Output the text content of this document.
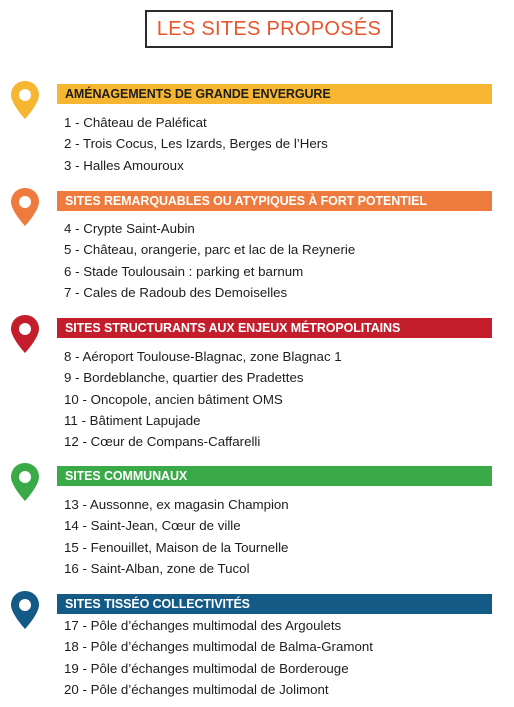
LES SITES PROPOSÉS
AMÉNAGEMENTS DE GRANDE ENVERGURE
1 - Château de Paléficat
2 - Trois Cocus, Les Izards, Berges de l’Hers
3 - Halles Amouroux
SITES REMARQUABLES OU ATYPIQUES À FORT POTENTIEL
4 - Crypte Saint-Aubin
5 - Château, orangerie, parc et lac de la Reynerie
6 - Stade Toulousain : parking et barnum
7 - Cales de Radoub des Demoiselles
SITES STRUCTURANTS AUX ENJEUX MÉTROPOLITAINS
8 - Aéroport Toulouse-Blagnac, zone Blagnac 1
9 - Bordeblanche, quartier des Pradettes
10 - Oncopole, ancien bâtiment OMS
11 - Bâtiment Lapujade
12 - Cœur de Compans-Caffarelli
SITES COMMUNAUX
13 - Aussonne, ex magasin Champion
14 - Saint-Jean, Cœur de ville
15 - Fenouillet, Maison de la Tournelle
16 - Saint-Alban, zone de Tucol
SITES TISSÉO COLLECTIVITÉS
17 - Pôle d’échanges multimodal des Argoulets
18 - Pôle d’échanges multimodal de Balma-Gramont
19 - Pôle d’échanges multimodal de Borderouge
20 - Pôle d’échanges multimodal de Jolimont
